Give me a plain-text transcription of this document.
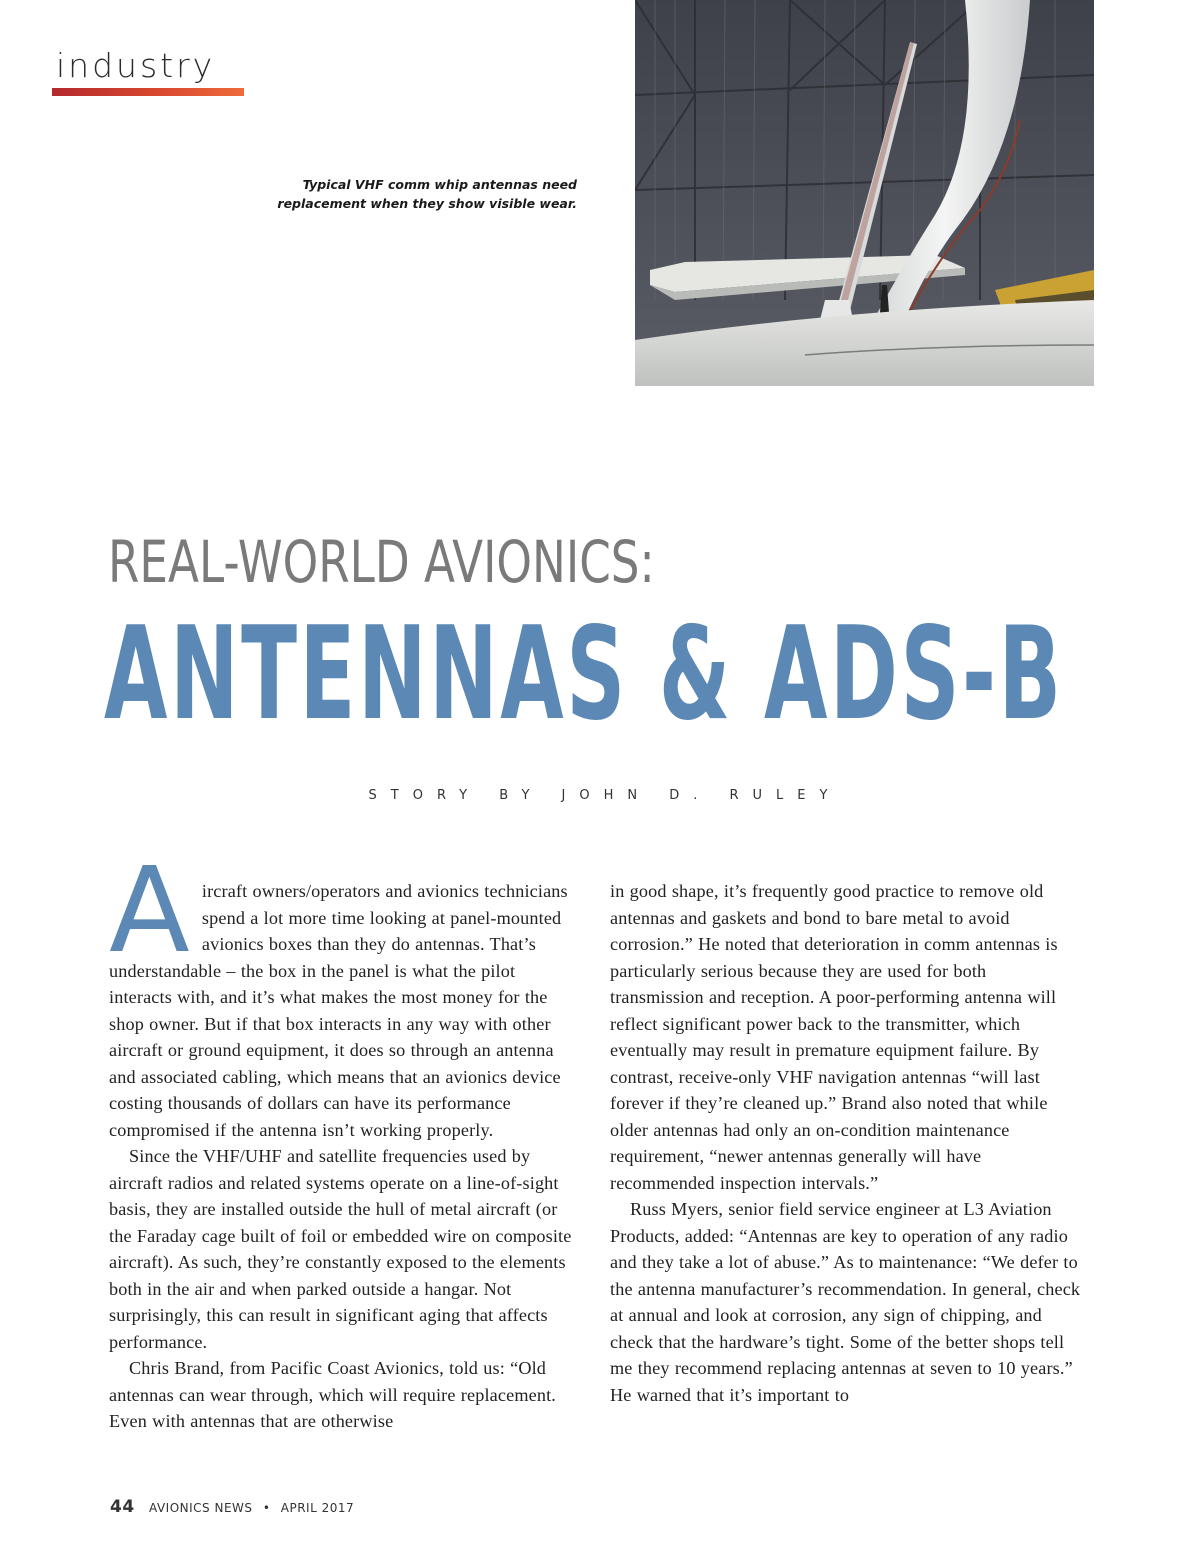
industry
Typical VHF comm whip antennas need replacement when they show visible wear.
REAL-WORLD AVIONICS:
ANTENNAS & ADS-B
STORY BY JOHN D. RULEY

Aircraft owners/operators and avionics technicians spend a lot more time looking at panel-mounted avionics boxes than they do antennas. That’s understandable – the box in the panel is what the pilot interacts with, and it’s what makes the most money for the shop owner. But if that box interacts in any way with other aircraft or ground equipment, it does so through an antenna and associated cabling, which means that an avionics device costing thousands of dollars can have its performance compromised if the antenna isn’t working properly.

Since the VHF/UHF and satellite frequencies used by aircraft radios and related systems operate on a line-of-sight basis, they are installed outside the hull of metal aircraft (or the Faraday cage built of foil or embedded wire on composite aircraft). As such, they’re constantly exposed to the elements both in the air and when parked outside a hangar. Not surprisingly, this can result in significant aging that affects performance.

Chris Brand, from Pacific Coast Avionics, told us: “Old antennas can wear through, which will require replacement. Even with antennas that are otherwise

in good shape, it’s frequently good practice to remove old antennas and gaskets and bond to bare metal to avoid corrosion.” He noted that deterioration in comm antennas is particularly serious because they are used for both transmission and reception. A poor-performing antenna will reflect significant power back to the transmitter, which eventually may result in premature equipment failure. By contrast, receive-only VHF navigation antennas “will last forever if they’re cleaned up.” Brand also noted that while older antennas had only an on-condition maintenance requirement, “newer antennas generally will have recommended inspection intervals.”

Russ Myers, senior field service engineer at L3 Aviation Products, added: “Antennas are key to operation of any radio and they take a lot of abuse.” As to maintenance: “We defer to the antenna manufacturer’s recommendation. In general, check at annual and look at corrosion, any sign of chipping, and check that the hardware’s tight. Some of the better shops tell me they recommend replacing antennas at seven to 10 years.” He warned that it’s important to

44 AVIONICS NEWS • APRIL 2017
